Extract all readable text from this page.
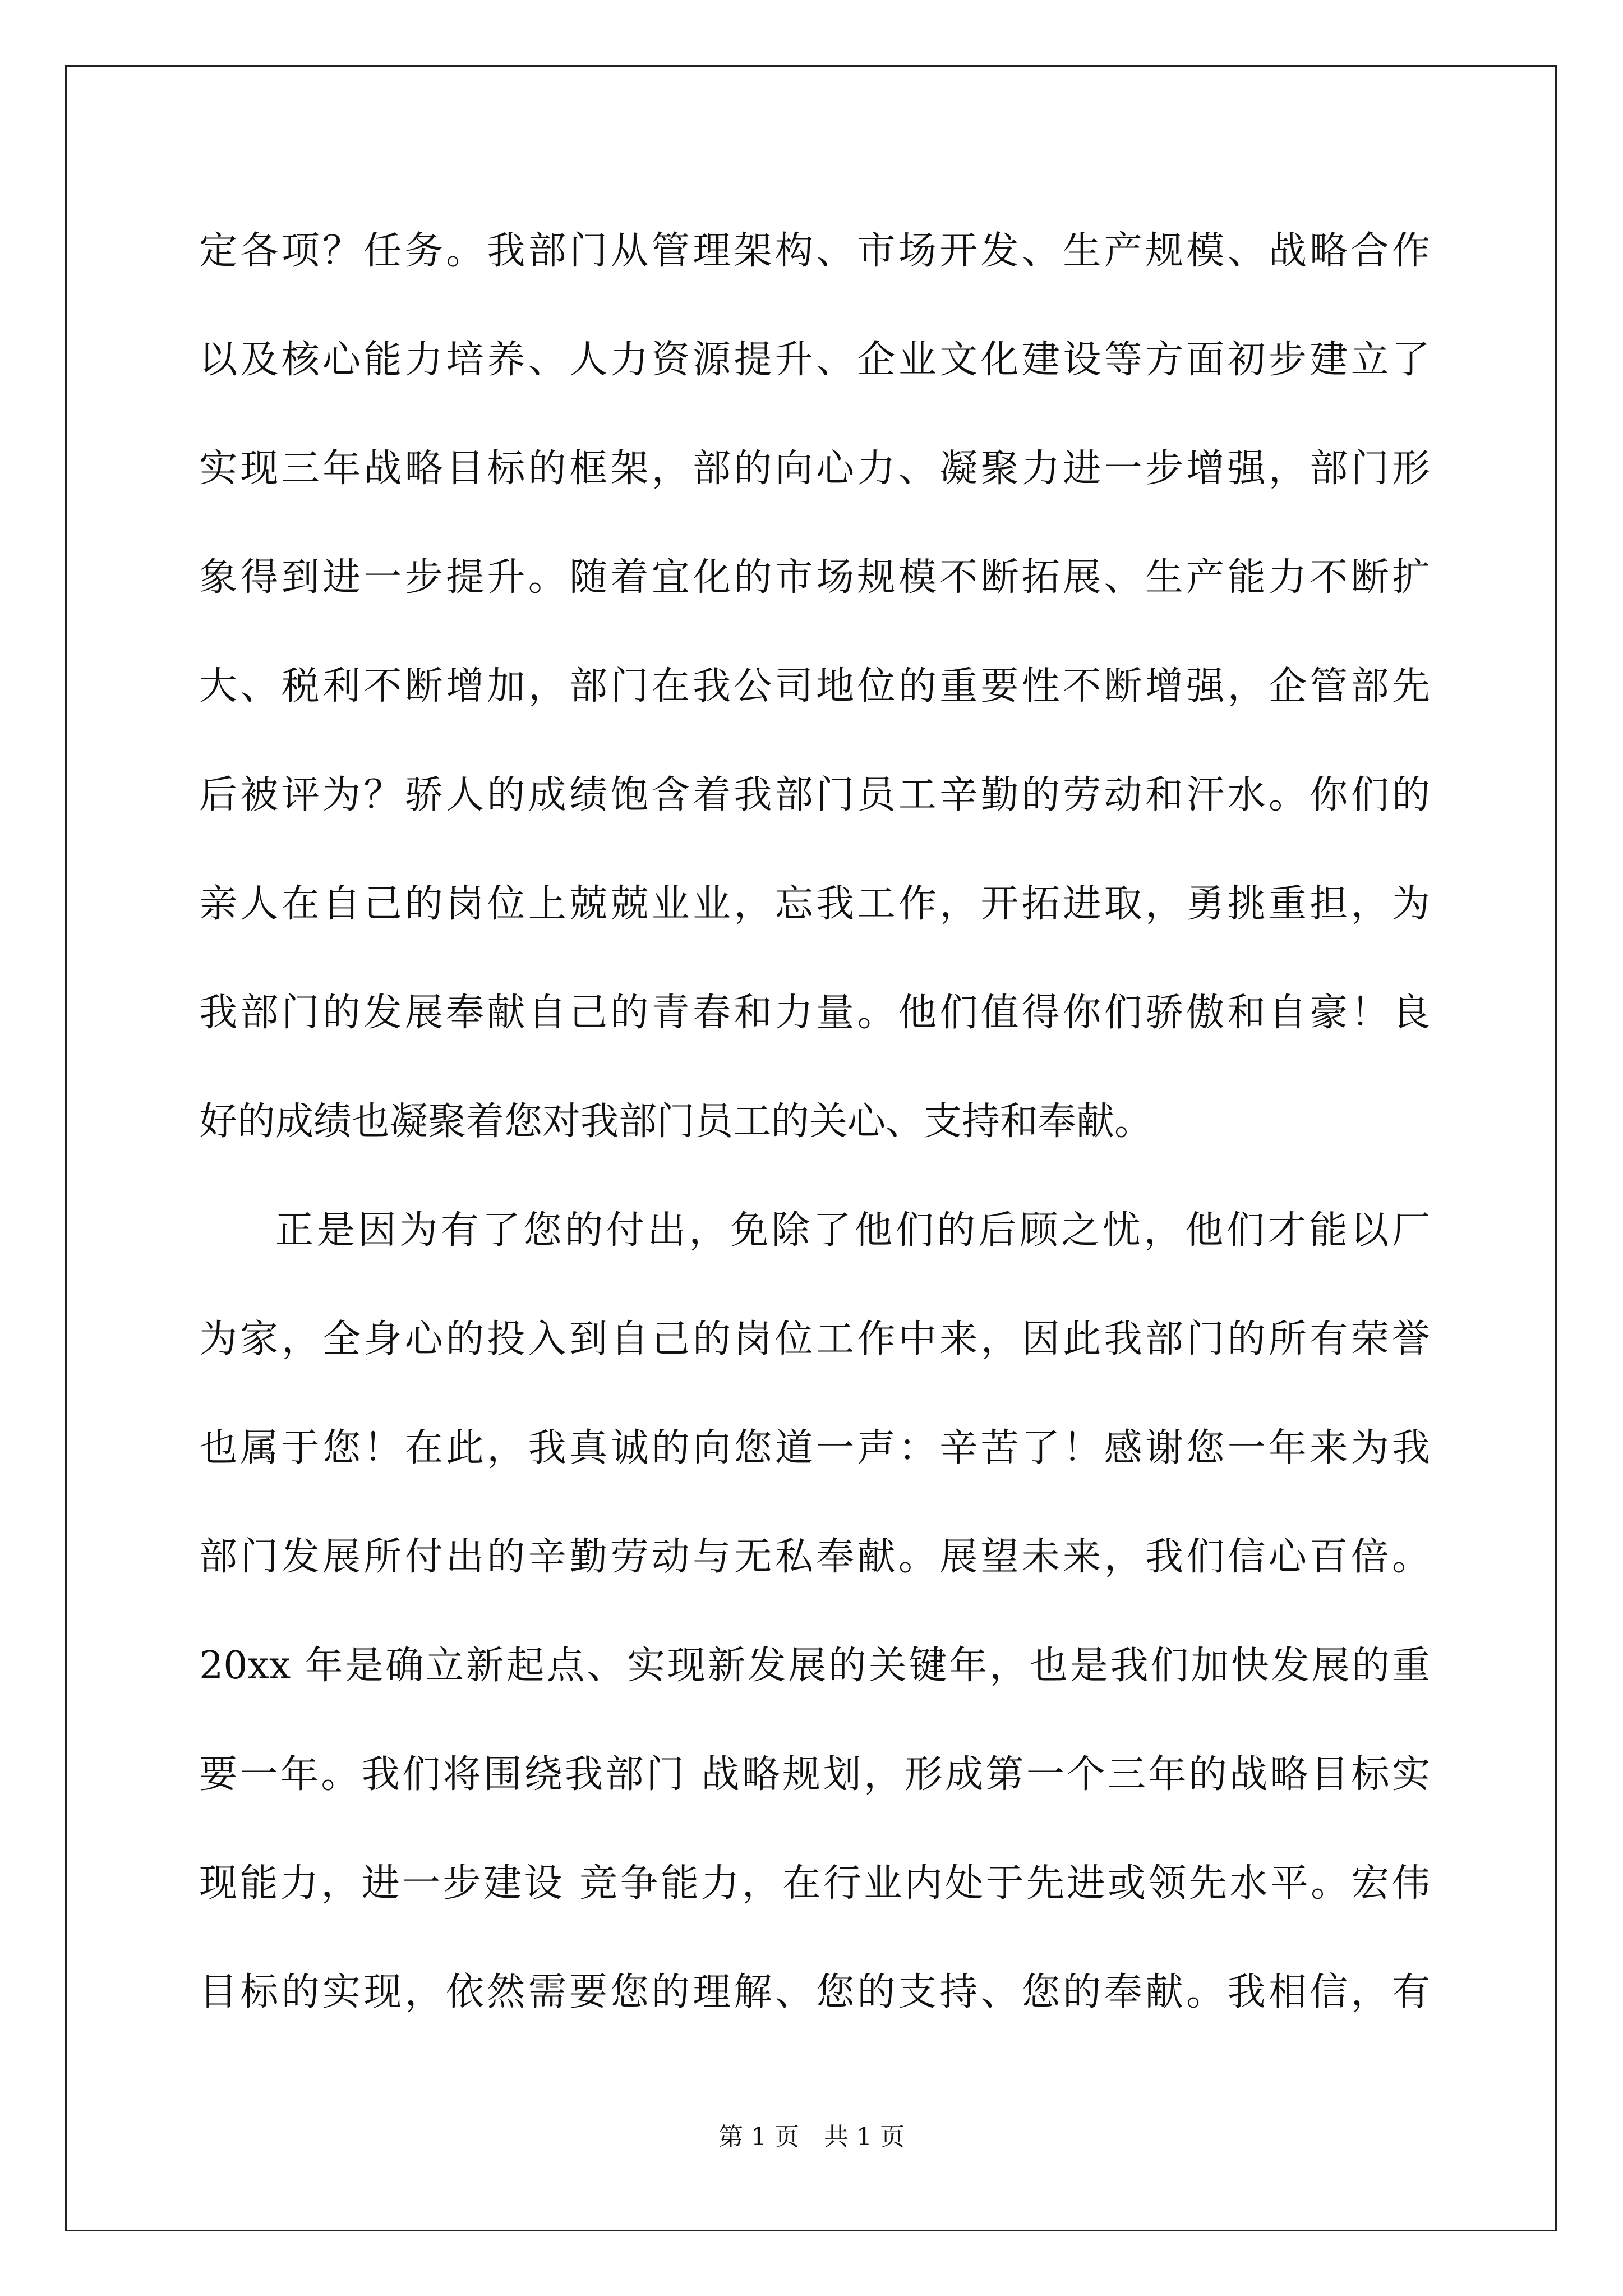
定各项？任务。我部门从管理架构、市场开发、生产规模、战略合作
以及核心能力培养、人力资源提升、企业文化建设等方面初步建立了
实现三年战略目标的框架，部的向心力、凝聚力进一步增强，部门形
象得到进一步提升。随着宜化的市场规模不断拓展、生产能力不断扩
大、税利不断增加，部门在我公司地位的重要性不断增强，企管部先
后被评为？骄人的成绩饱含着我部门员工辛勤的劳动和汗水。你们的
亲人在自己的岗位上兢兢业业，忘我工作，开拓进取，勇挑重担，为
我部门的发展奉献自己的青春和力量。他们值得你们骄傲和自豪！良
好的成绩也凝聚着您对我部门员工的关心、支持和奉献。
正是因为有了您的付出，免除了他们的后顾之忧，他们才能以厂
为家，全身心的投入到自己的岗位工作中来，因此我部门的所有荣誉
也属于您！在此，我真诚的向您道一声：辛苦了！感谢您一年来为我
部门发展所付出的辛勤劳动与无私奉献。展望未来，我们信心百倍。
20xx 年是确立新起点、实现新发展的关键年，也是我们加快发展的重
要一年。我们将围绕我部门 战略规划，形成第一个三年的战略目标实
现能力，进一步建设 竞争能力，在行业内处于先进或领先水平。宏伟
目标的实现，依然需要您的理解、您的支持、您的奉献。我相信，有
第 1 页　共 1 页
